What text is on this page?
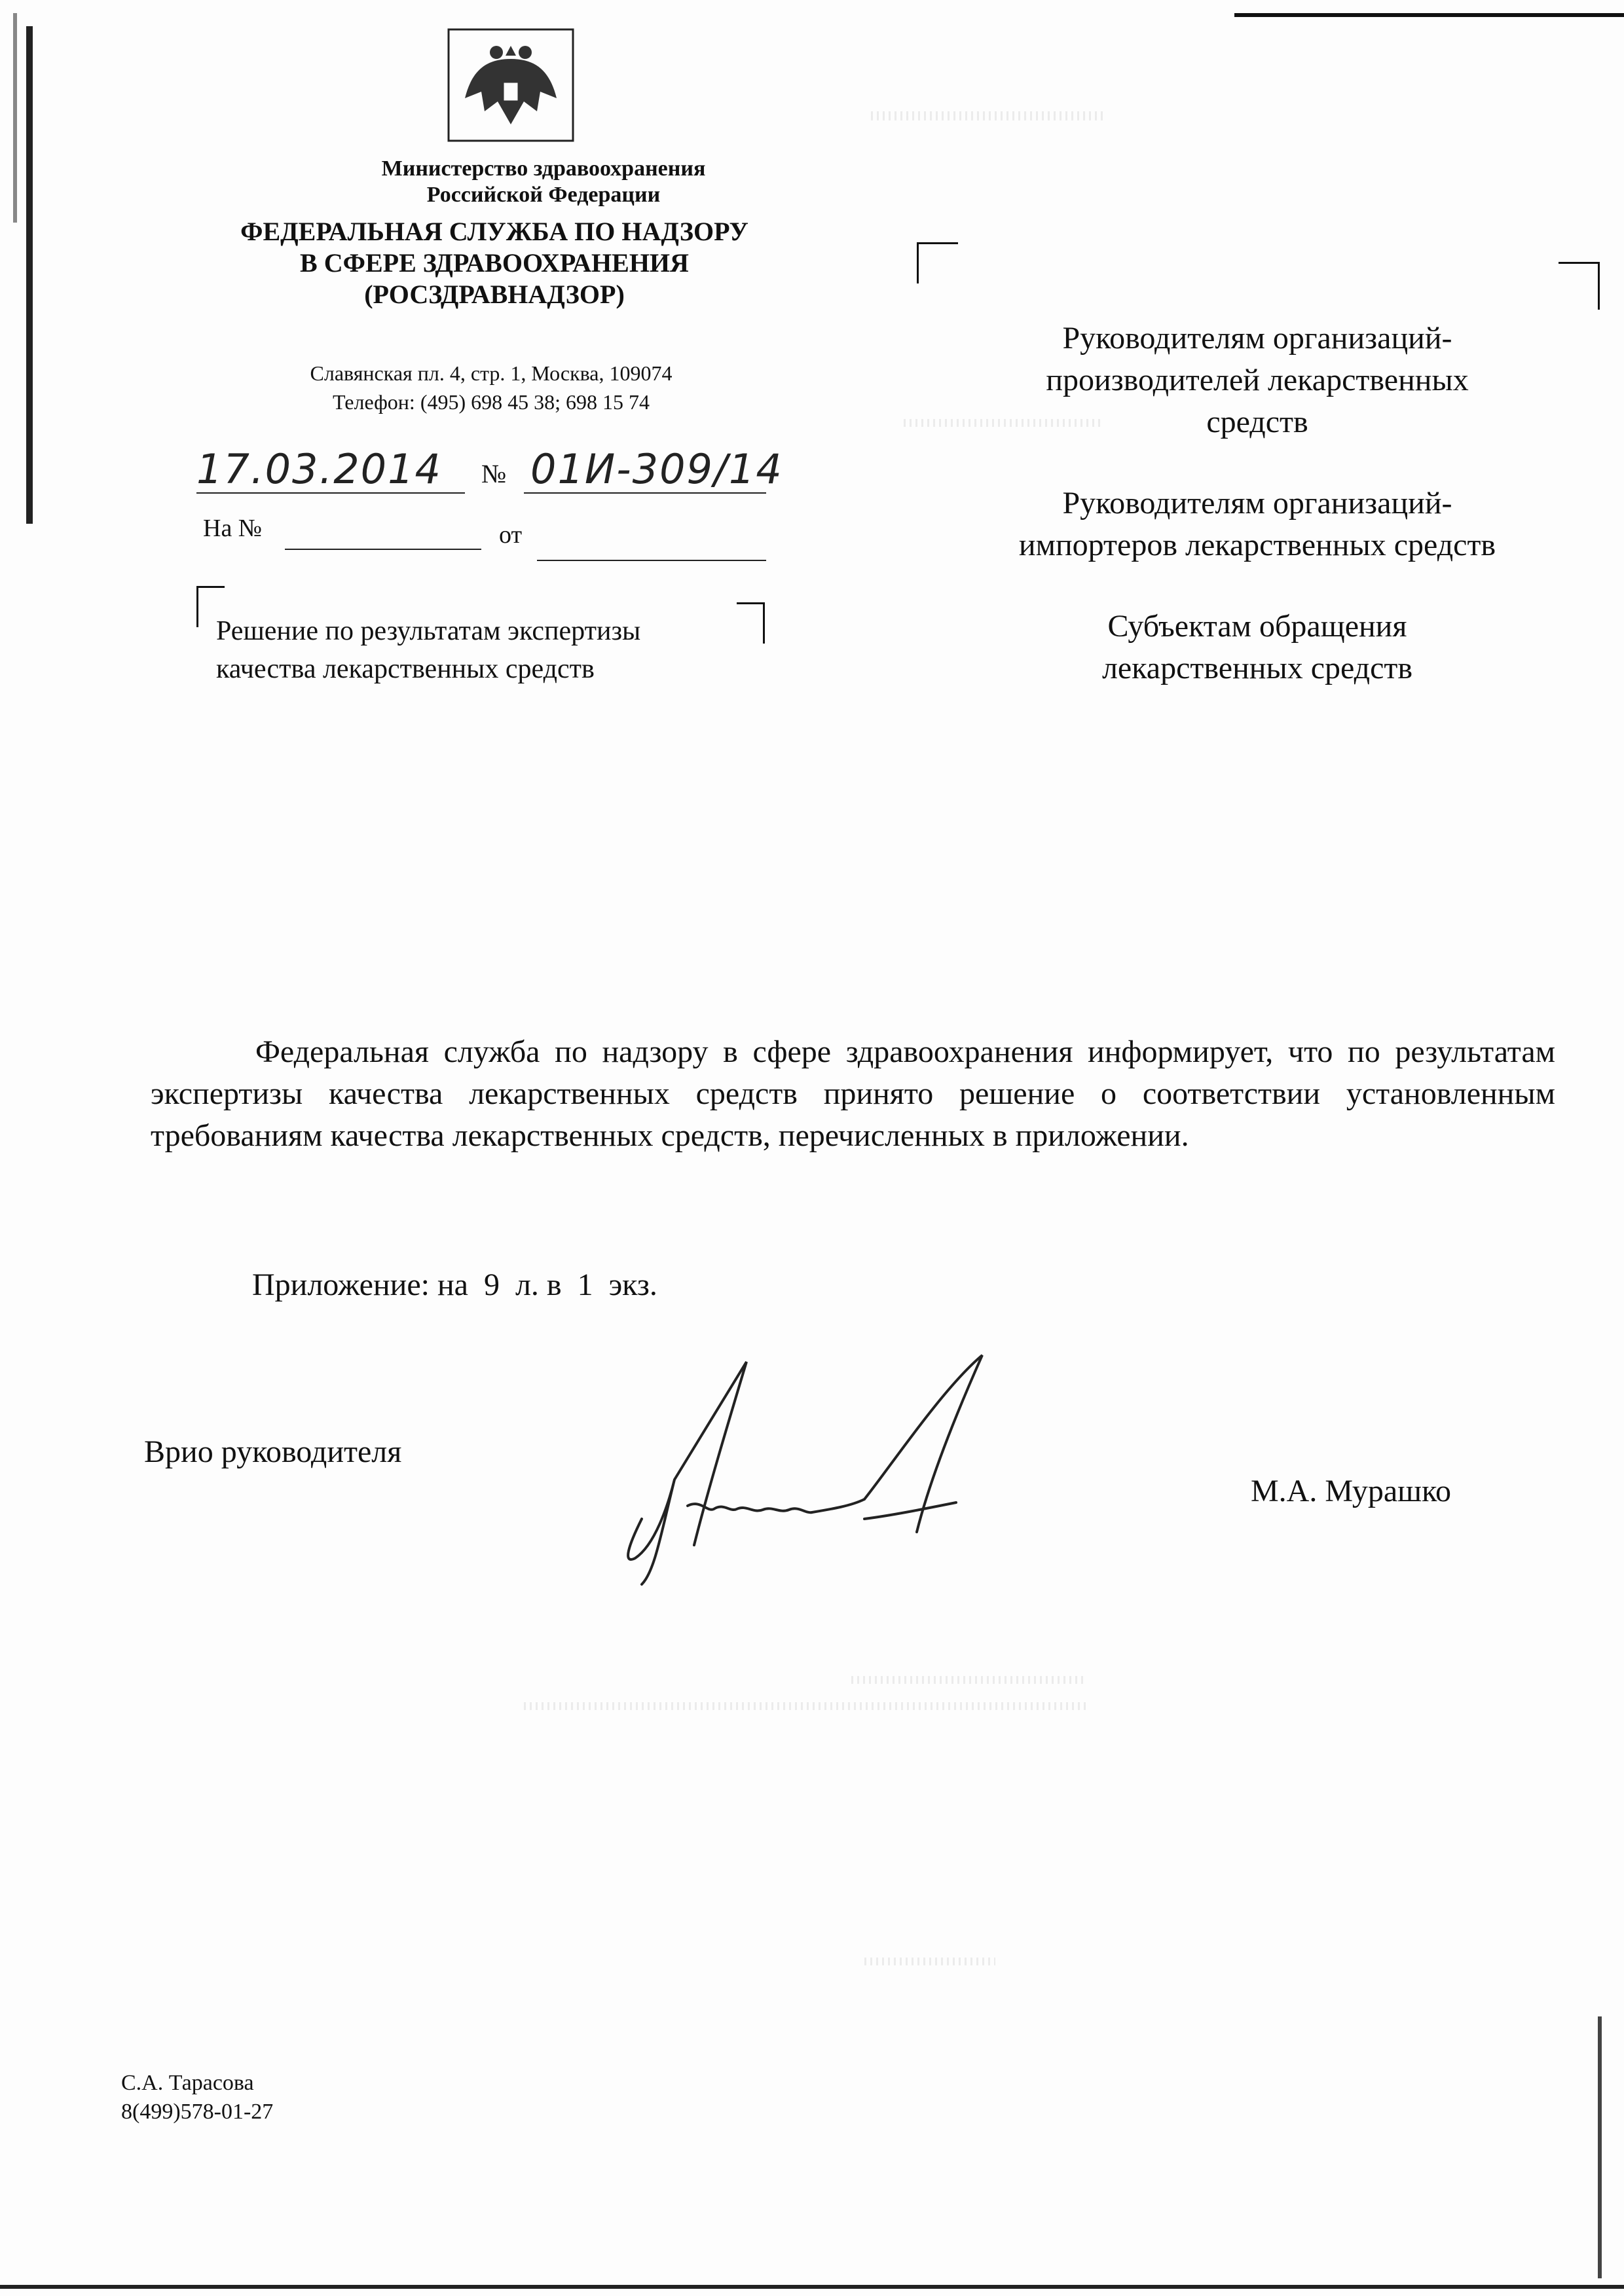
Министерство здравоохранения
Российской Федерации
ФЕДЕРАЛЬНАЯ СЛУЖБА ПО НАДЗОРУ
В СФЕРЕ ЗДРАВООХРАНЕНИЯ
(РОСЗДРАВНАДЗОР)
Славянская пл. 4, стр. 1, Москва, 109074
Телефон: (495) 698 45 38; 698 15 74
17.03.2014 № 01И-309/14
На №	от
Решение по результатам экспертизы
качества лекарственных средств
Руководителям организаций-
производителей лекарственных
средств
Руководителям организаций-
импортеров лекарственных средств
Субъектам обращения
лекарственных средств
Федеральная служба по надзору в сфере здравоохранения информирует, что по результатам экспертизы качества лекарственных средств принято решение о соответствии установленным требованиям качества лекарственных средств, перечисленных в приложении.
Приложение: на  9  л. в  1  экз.
Врио руководителя
М.А. Мурашко
С.А. Тарасова
8(499)578-01-27
